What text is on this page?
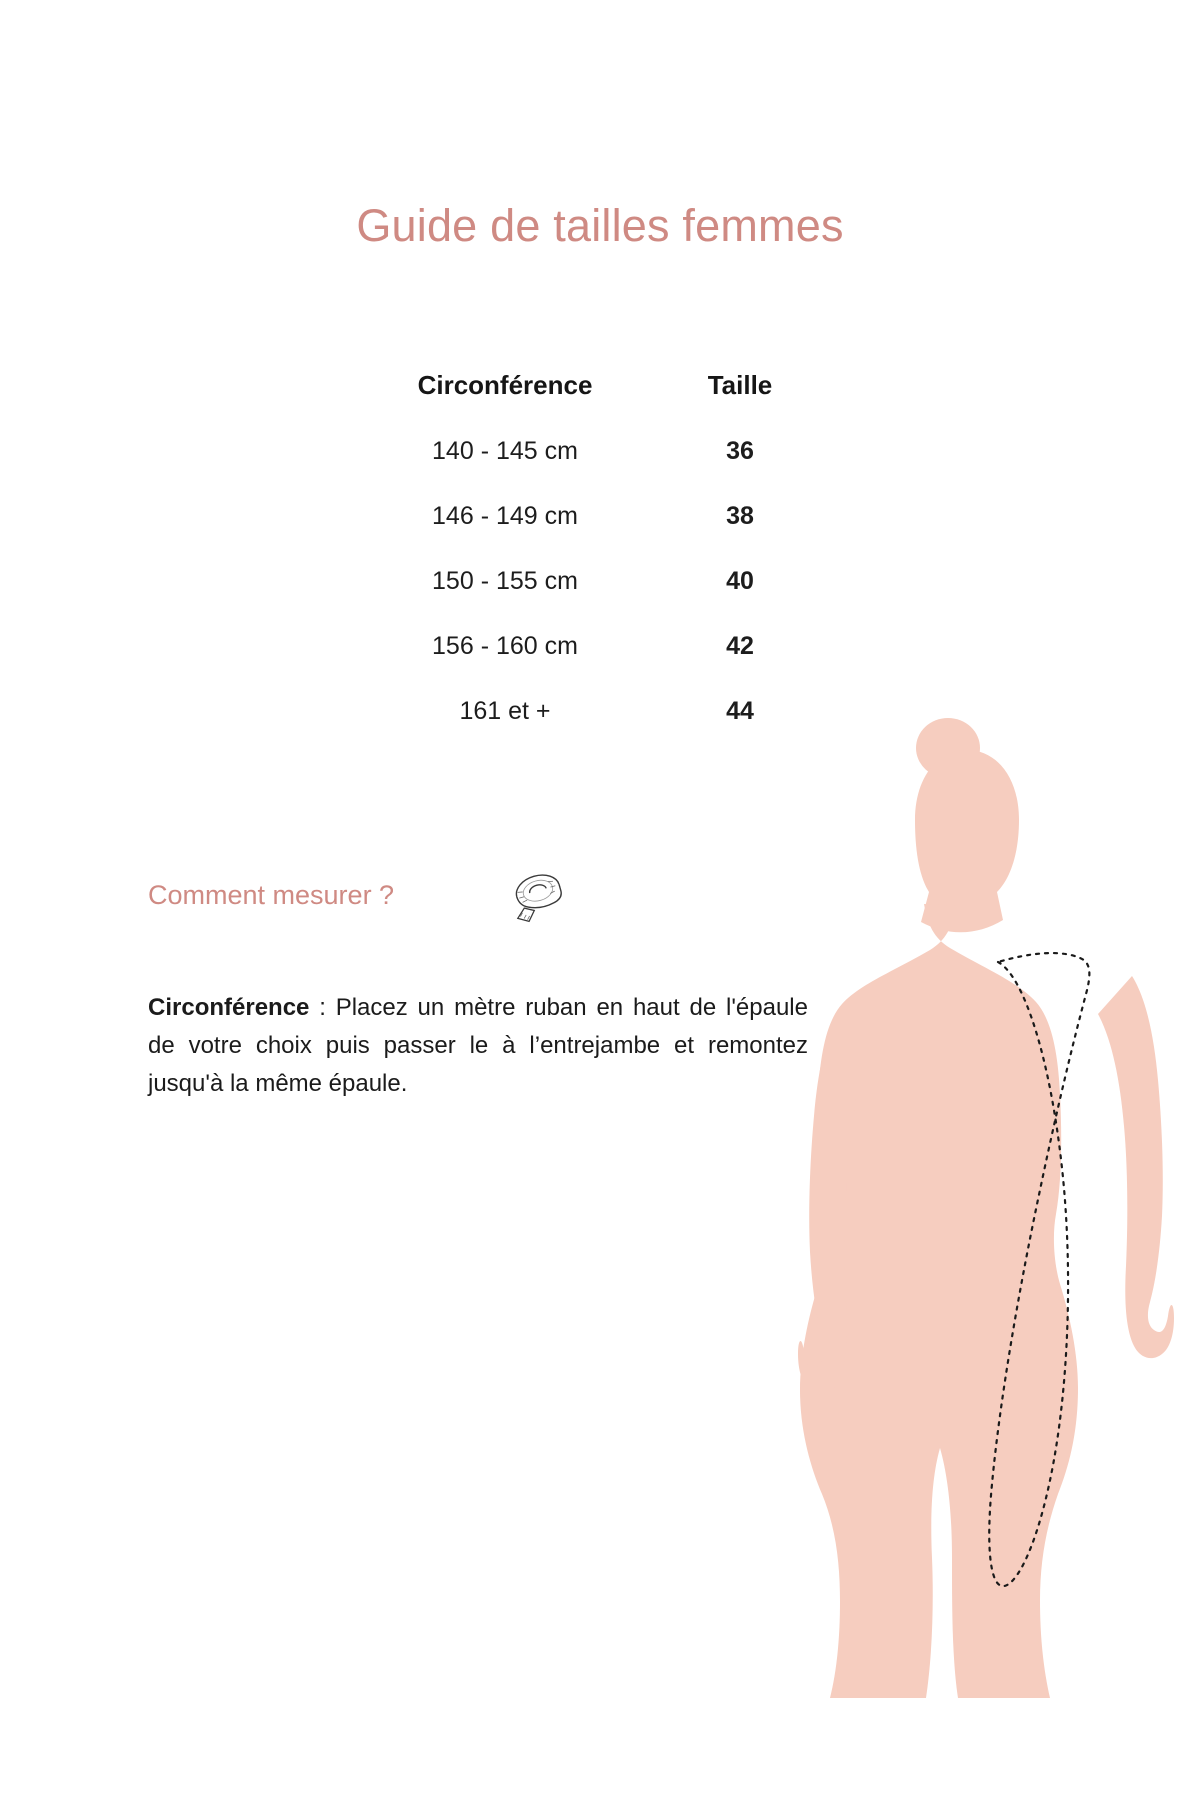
Guide de tailles femmes
Circonférence	Taille
140 - 145 cm	36
146 - 149 cm	38
150 - 155 cm	40
156 - 160 cm	42
161 et +	44
Comment mesurer ?

Circonférence : Placez un mètre ruban en haut de l'épaule de votre choix puis passer le à l’entrejambe et remontez jusqu'à la même épaule.
